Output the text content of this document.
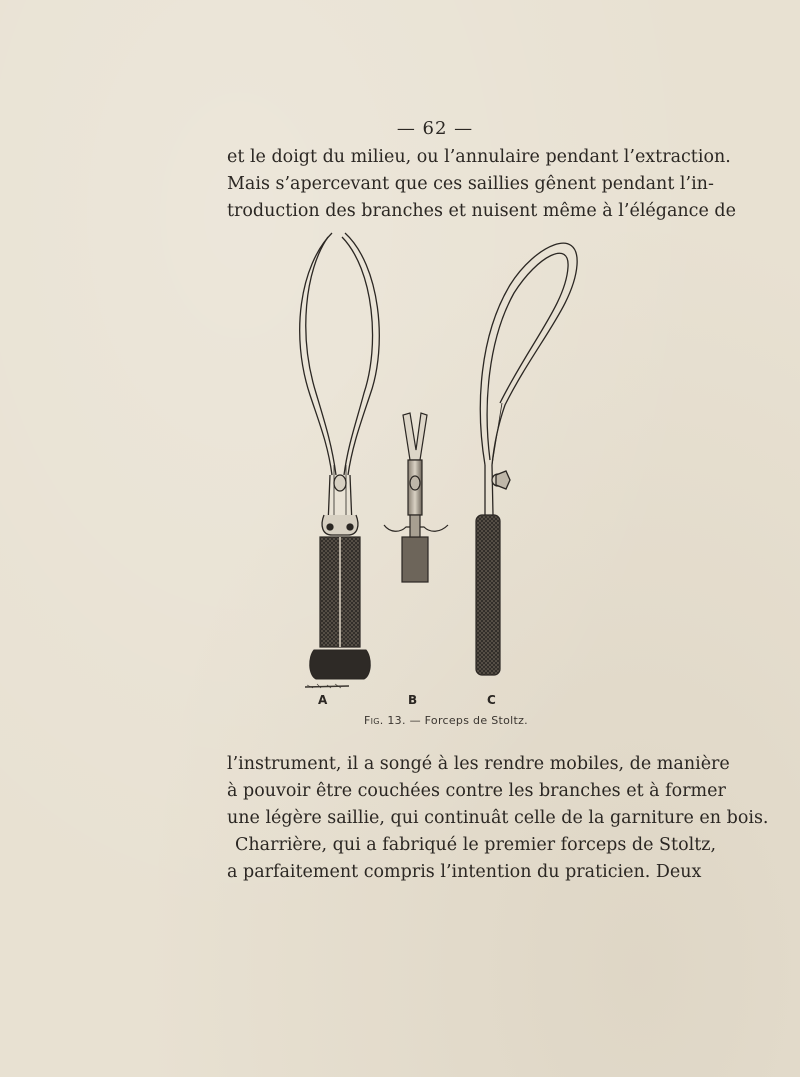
— 62 —

et le doigt du milieu, ou l’annulaire pendant l’extraction.
Mais s’apercevant que ces saillies gênent pendant l’in-
troduction des branches et nuisent même à l’élégance de

A	B	C
Fig. 13. — Forceps de Stoltz.

l’instrument, il a songé à les rendre mobiles, de manière
à pouvoir être couchées contre les branches et à former
une légère saillie, qui continuât celle de la garniture en bois.
Charrière, qui a fabriqué le premier forceps de Stoltz,
a parfaitement compris l’intention du praticien. Deux
